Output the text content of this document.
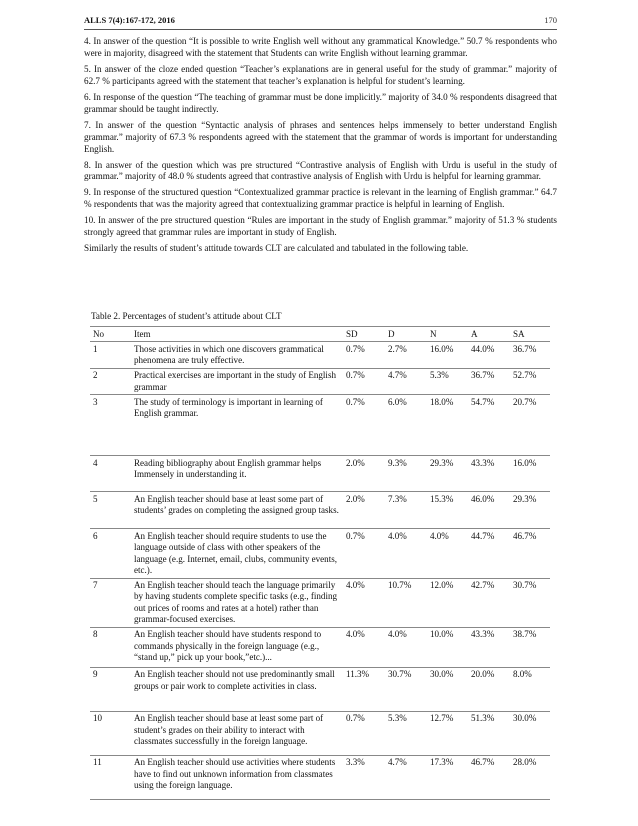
ALLS 7(4):167-172, 2016	170

4. In answer of the question “It is possible to write English well without any grammatical Knowledge.” 50.7 % respondents who were in majority, disagreed with the statement that Students can write English without learning grammar.

5. In answer of the cloze ended question “Teacher’s explanations are in general useful for the study of grammar.” majority of 62.7 % participants agreed with the statement that teacher’s explanation is helpful for student’s learning.

6. In response of the question “The teaching of grammar must be done implicitly.” majority of 34.0 % respondents disagreed that grammar should be taught indirectly.

7. In answer of the question “Syntactic analysis of phrases and sentences helps immensely to better understand English grammar.” majority of 67.3 % respondents agreed with the statement that the grammar of words is important for understanding English.

8. In answer of the question which was pre structured “Contrastive analysis of English with Urdu is useful in the study of grammar.” majority of 48.0 % students agreed that contrastive analysis of English with Urdu is helpful for learning grammar.

9. In response of the structured question “Contextualized grammar practice is relevant in the learning of English grammar.” 64.7 % respondents that was the majority agreed that contextualizing grammar practice is helpful in learning of English.

10. In answer of the pre structured question “Rules are important in the study of English grammar.” majority of 51.3 % students strongly agreed that grammar rules are important in study of English.

Similarly the results of student’s attitude towards CLT are calculated and tabulated in the following table.

Table 2. Percentages of student’s attitude about CLT
No	Item	SD	D	N	A	SA
1	Those activities in which one discovers grammatical phenomena are truly effective.	0.7%	2.7%	16.0%	44.0%	36.7%
2	Practical exercises are important in the study of English grammar	0.7%	4.7%	5.3%	36.7%	52.7%
3	The study of terminology is important in learning of English grammar.	0.7%	6.0%	18.0%	54.7%	20.7%
4	Reading bibliography about English grammar helps Immensely in understanding it.	2.0%	9.3%	29.3%	43.3%	16.0%
5	An English teacher should base at least some part of students’ grades on completing the assigned group tasks.	2.0%	7.3%	15.3%	46.0%	29.3%
6	An English teacher should require students to use the language outside of class with other speakers of the language (e.g. Internet, email, clubs, community events, etc.).	0.7%	4.0%	4.0%	44.7%	46.7%
7	An English teacher should teach the language primarily by having students complete specific tasks (e.g., finding out prices of rooms and rates at a hotel) rather than grammar-focused exercises.	4.0%	10.7%	12.0%	42.7%	30.7%
8	An English teacher should have students respond to commands physically in the foreign language (e.g., “stand up,” pick up your book,”etc.)...	4.0%	4.0%	10.0%	43.3%	38.7%
9	An English teacher should not use predominantly small groups or pair work to complete activities in class.	11.3%	30.7%	30.0%	20.0%	8.0%
10	An English teacher should base at least some part of student’s grades on their ability to interact with classmates successfully in the foreign language.	0.7%	5.3%	12.7%	51.3%	30.0%
11	An English teacher should use activities where students have to find out unknown information from classmates using the foreign language.	3.3%	4.7%	17.3%	46.7%	28.0%
